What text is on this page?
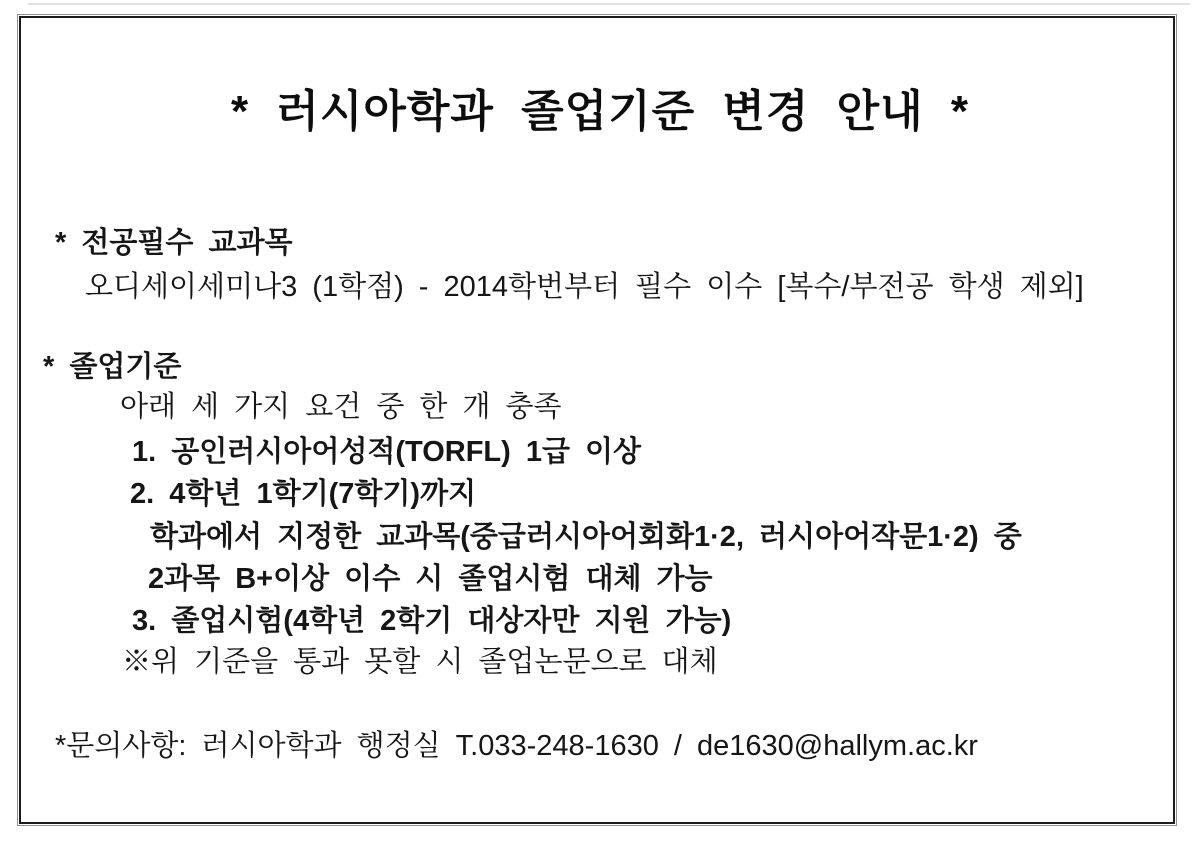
* 러시아학과 졸업기준 변경 안내 *
* 전공필수 교과목
오디세이세미나3 (1학점) - 2014학번부터 필수 이수 [복수/부전공 학생 제외]
* 졸업기준
아래 세 가지 요건 중 한 개 충족
1. 공인러시아어성적(TORFL) 1급 이상
2. 4학년 1학기(7학기)까지
학과에서 지정한 교과목(중급러시아어회화1·2, 러시아어작문1·2) 중
2과목 B+이상 이수 시 졸업시험 대체 가능
3. 졸업시험(4학년 2학기 대상자만 지원 가능)
※위 기준을 통과 못할 시 졸업논문으로 대체
*문의사항: 러시아학과 행정실 T.033-248-1630 / de1630@hallym.ac.kr
